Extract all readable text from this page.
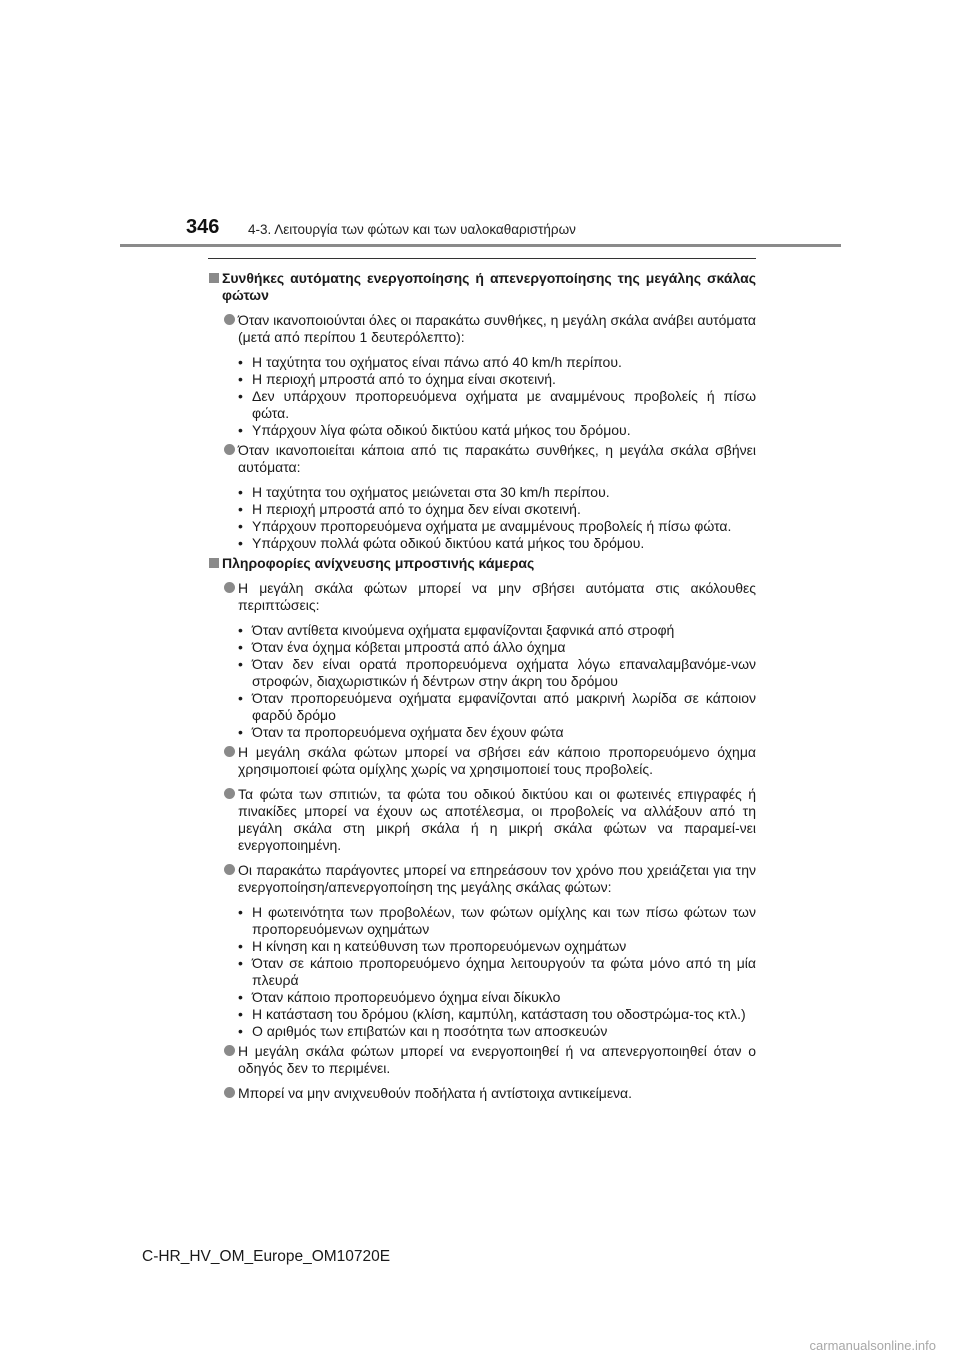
346 4-3. Λειτουργία των φώτων και των υαλοκαθαριστήρων
Συνθήκες αυτόματης ενεργοποίησης ή απενεργοποίησης της μεγάλης σκάλας φώτων
Όταν ικανοποιούνται όλες οι παρακάτω συνθήκες, η μεγάλη σκάλα ανάβει αυτόματα (μετά από περίπου 1 δευτερόλεπτο):
• Η ταχύτητα του οχήματος είναι πάνω από 40 km/h περίπου.
• Η περιοχή μπροστά από το όχημα είναι σκοτεινή.
• Δεν υπάρχουν προπορευόμενα οχήματα με αναμμένους προβολείς ή πίσω φώτα.
• Υπάρχουν λίγα φώτα οδικού δικτύου κατά μήκος του δρόμου.
Όταν ικανοποιείται κάποια από τις παρακάτω συνθήκες, η μεγάλα σκάλα σβήνει αυτόματα:
• Η ταχύτητα του οχήματος μειώνεται στα 30 km/h περίπου.
• Η περιοχή μπροστά από το όχημα δεν είναι σκοτεινή.
• Υπάρχουν προπορευόμενα οχήματα με αναμμένους προβολείς ή πίσω φώτα.
• Υπάρχουν πολλά φώτα οδικού δικτύου κατά μήκος του δρόμου.
Πληροφορίες ανίχνευσης μπροστινής κάμερας
Η μεγάλη σκάλα φώτων μπορεί να μην σβήσει αυτόματα στις ακόλουθες περιπτώσεις:
• Όταν αντίθετα κινούμενα οχήματα εμφανίζονται ξαφνικά από στροφή
• Όταν ένα όχημα κόβεται μπροστά από άλλο όχημα
• Όταν δεν είναι ορατά προπορευόμενα οχήματα λόγω επαναλαμβανόμε-νων στροφών, διαχωριστικών ή δέντρων στην άκρη του δρόμου
• Όταν προπορευόμενα οχήματα εμφανίζονται από μακρινή λωρίδα σε κάποιον φαρδύ δρόμο
• Όταν τα προπορευόμενα οχήματα δεν έχουν φώτα
Η μεγάλη σκάλα φώτων μπορεί να σβήσει εάν κάποιο προπορευόμενο όχημα χρησιμοποιεί φώτα ομίχλης χωρίς να χρησιμοποιεί τους προβολείς.
Τα φώτα των σπιτιών, τα φώτα του οδικού δικτύου και οι φωτεινές επιγραφές ή πινακίδες μπορεί να έχουν ως αποτέλεσμα, οι προβολείς να αλλάξουν από τη μεγάλη σκάλα στη μικρή σκάλα ή η μικρή σκάλα φώτων να παραμεί-νει ενεργοποιημένη.
Οι παρακάτω παράγοντες μπορεί να επηρεάσουν τον χρόνο που χρειάζεται για την ενεργοποίηση/απενεργοποίηση της μεγάλης σκάλας φώτων:
• Η φωτεινότητα των προβολέων, των φώτων ομίχλης και των πίσω φώτων των προπορευόμενων οχημάτων
• Η κίνηση και η κατεύθυνση των προπορευόμενων οχημάτων
• Όταν σε κάποιο προπορευόμενο όχημα λειτουργούν τα φώτα μόνο από τη μία πλευρά
• Όταν κάποιο προπορευόμενο όχημα είναι δίκυκλο
• Η κατάσταση του δρόμου (κλίση, καμπύλη, κατάσταση του οδοστρώμα-τος κτλ.)
• Ο αριθμός των επιβατών και η ποσότητα των αποσκευών
Η μεγάλη σκάλα φώτων μπορεί να ενεργοποιηθεί ή να απενεργοποιηθεί όταν ο οδηγός δεν το περιμένει.
Μπορεί να μην ανιχνευθούν ποδήλατα ή αντίστοιχα αντικείμενα.
C-HR_HV_OM_Europe_OM10720E
carmanualsonline.info
